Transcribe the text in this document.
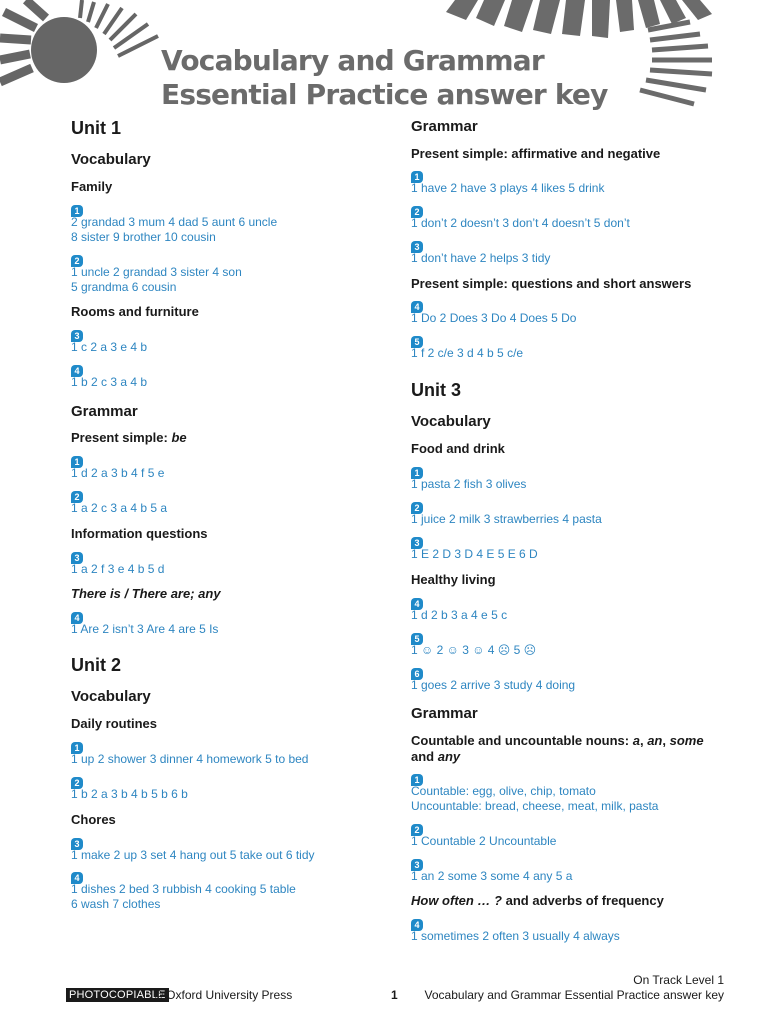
Vocabulary and Grammar
Essential Practice answer key
Unit 1
Vocabulary
Family
1
2 grandad 3 mum 4 dad 5 aunt 6 uncle
8 sister 9 brother 10 cousin
2
1 uncle 2 grandad 3 sister 4 son
5 grandma 6 cousin
Rooms and furniture
3
1 c 2 a 3 e 4 b
4
1 b 2 c 3 a 4 b
Grammar
Present simple: be
1
1 d 2 a 3 b 4 f 5 e
2
1 a 2 c 3 a 4 b 5 a
Information questions
3
1 a 2 f 3 e 4 b 5 d
There is / There are; any
4
1 Are 2 isn’t 3 Are 4 are 5 Is
Unit 2
Vocabulary
Daily routines
1
1 up 2 shower 3 dinner 4 homework 5 to bed
2
1 b 2 a 3 b 4 b 5 b 6 b
Chores
3
1 make 2 up 3 set 4 hang out 5 take out 6 tidy
4
1 dishes 2 bed 3 rubbish 4 cooking 5 table
6 wash 7 clothes
Grammar
Present simple: affirmative and negative
1
1 have 2 have 3 plays 4 likes 5 drink
2
1 don’t 2 doesn’t 3 don’t 4 doesn’t 5 don’t
3
1 don’t have 2 helps 3 tidy
Present simple: questions and short answers
4
1 Do 2 Does 3 Do 4 Does 5 Do
5
1 f 2 c/e 3 d 4 b 5 c/e
Unit 3
Vocabulary
Food and drink
1
1 pasta 2 fish 3 olives
2
1 juice 2 milk 3 strawberries 4 pasta
3
1 E 2 D 3 D 4 E 5 E 6 D
Healthy living
4
1 d 2 b 3 a 4 e 5 c
5
1 ☺ 2 ☺ 3 ☺ 4 ☹ 5 ☹
6
1 goes 2 arrive 3 study 4 doing
Grammar
Countable and uncountable nouns: a, an, some
and any
1
Countable: egg, olive, chip, tomato
Uncountable: bread, cheese, meat, milk, pasta
2
1 Countable 2 Uncountable
3
1 an 2 some 3 some 4 any 5 a
How often … ? and adverbs of frequency
4
1 sometimes 2 often 3 usually 4 always
On Track Level 1
PHOTOCOPIABLE
© Oxford University Press	1 Vocabulary and Grammar Essential Practice answer key
